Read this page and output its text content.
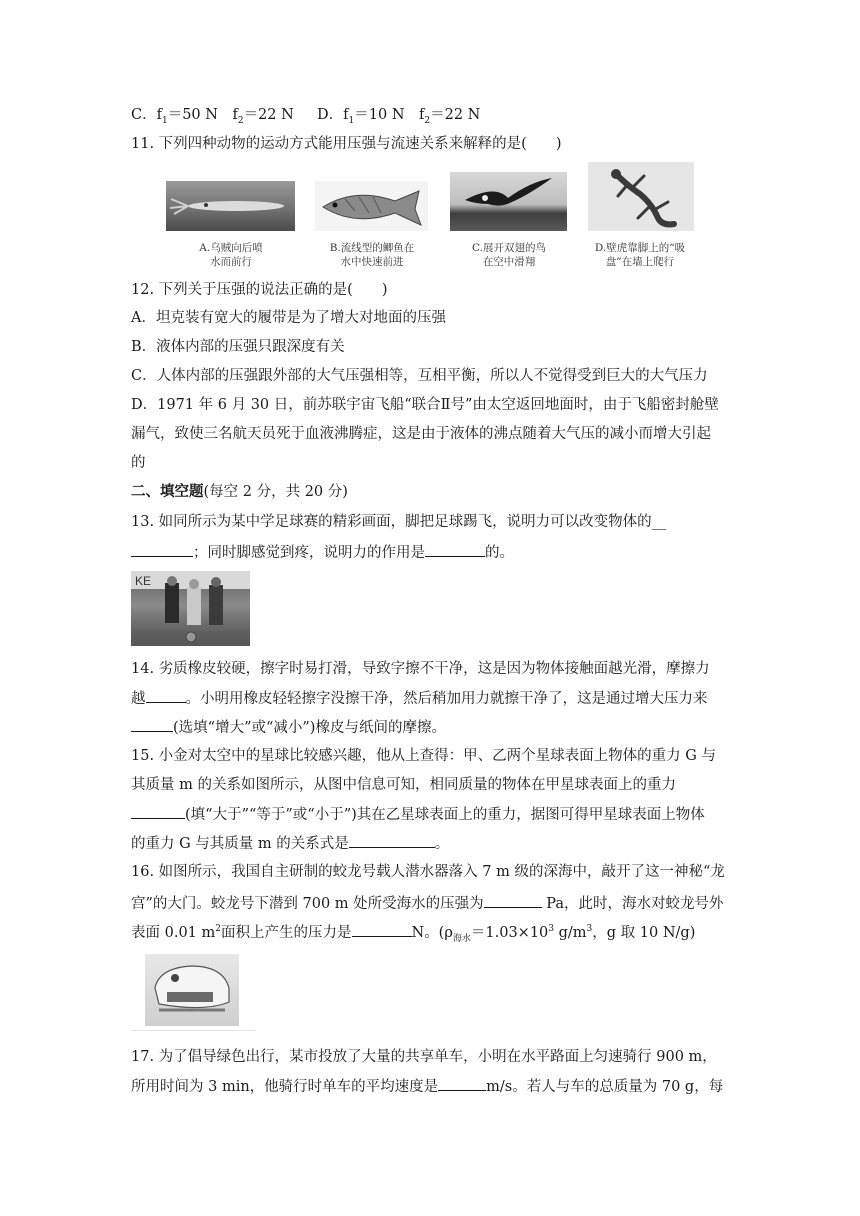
C．$f_1=50$ N　$f_2=22$ N D．$f_1=10$ N　$f_2=22$ N
11. 下列四种动物的运动方式能用压强与流速关系来解释的是(　　)
A.乌贼向后喷
水而前行
B.流线型的鲫鱼在
水中快速前进
C.展开双翅的鸟
在空中滑翔
D.壁虎靠脚上的“吸
盘”在墙上爬行
12. 下列关于压强的说法正确的是(　　)
A．坦克装有宽大的履带是为了增大对地面的压强
B．液体内部的压强只跟深度有关
C．人体内部的压强跟外部的大气压强相等，互相平衡，所以人不觉得受到巨大的大气压力
D．1971 年 6 月 30 日，前苏联宇宙飞船“联合Ⅱ号”由太空返回地面时，由于飞船密封舱壁
漏气，致使三名航天员死于血液沸腾症，这是由于液体的沸点随着大气压的减小而增大引起
的
二、填空题(每空 2 分，共 20 分)
13. 如同所示为某中学足球赛的精彩画面，脚把足球踢飞，说明力可以改变物体的__
；同时脚感觉到疼，说明力的作用是	的。
KE
14. 劣质橡皮较硬，擦字时易打滑，导致字擦不干净，这是因为物体接触面越光滑，摩擦力
越	。小明用橡皮轻轻擦字没擦干净，然后稍加用力就擦干净了，这是通过增大压力来
(选填“增大”或“减小”)橡皮与纸间的摩擦。
15. 小金对太空中的星球比较感兴趣，他从上查得：甲、乙两个星球表面上物体的重力 G 与
其质量 m 的关系如图所示，从图中信息可知，相同质量的物体在甲星球表面上的重力
(填“大于”“等于”或“小于”)其在乙星球表面上的重力，据图可得甲星球表面上物体
的重力 G 与其质量 m 的关系式是	。
16. 如图所示，我国自主研制的蛟龙号载人潜水器落入 7 m 级的深海中，敲开了这一神秘“龙
宫”的大门。蛟龙号下潜到 700 m 处所受海水的压强为	Pa，此时，海水对蛟龙号外
表面 0.01 $m^2$面积上产生的压力是	N。($\rho_{海水}=1.03\times 10^3$ $g/m^3$，g 取 10 N/g)
17. 为了倡导绿色出行，某市投放了大量的共享单车，小明在水平路面上匀速骑行 900 m，
所用时间为 3 min，他骑行时单车的平均速度是	m/s。若人与车的总质量为 70 g，每
